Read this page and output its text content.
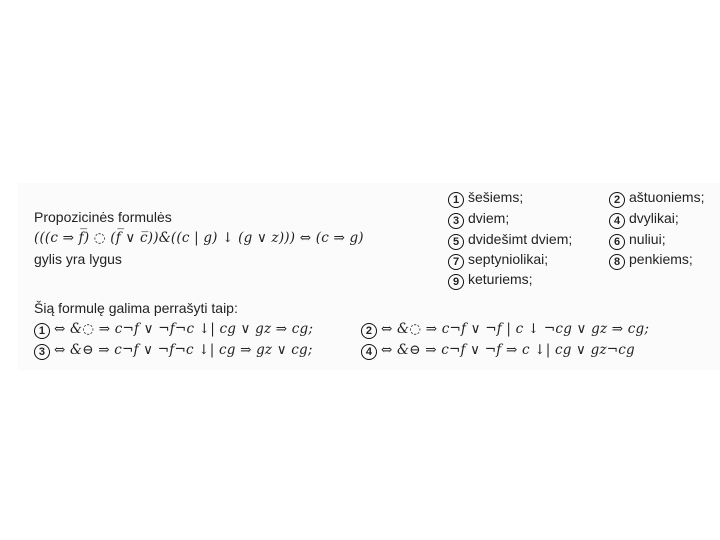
Propozicinės formulės
(((c ⇒ f̅) ◌ (f̅ ∨ c̅))&((c | g) ↓ (g ∨ z))) ⇔ (c ⇒ g)
gylis yra lygus
1 šešiems;
3 dviem;
5 dvidešimt dviem;
7 septyniolikai;
9 keturiems;
2 aštuoniems;
4 dvylikai;
6 nuliui;
8 penkiems;
Šią formulę galima perrašyti taip:
1 ⇔ &◌ ⇒ c¬f ∨ ¬f¬c ↓| cg ∨ gz ⇒ cg;	2 ⇔ &◌ ⇒ c¬f ∨ ¬f | c ↓ ¬cg ∨ gz ⇒ cg;
3 ⇔ &⊖ ⇒ c¬f ∨ ¬f¬c ↓| cg ⇒ gz ∨ cg;	4 ⇔ &⊖ ⇒ c¬f ∨ ¬f ⇒ c ↓| cg ∨ gz¬cg
